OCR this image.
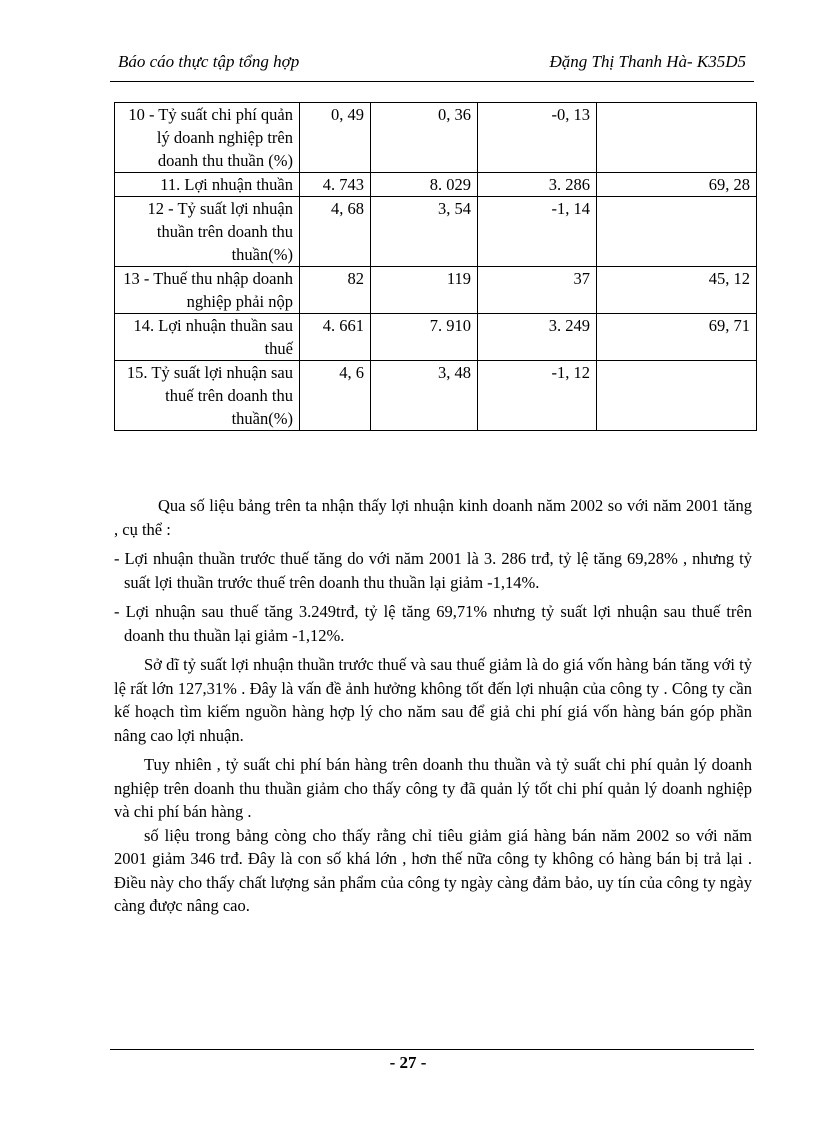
Báo cáo thực tập tổng hợp	Đặng Thị Thanh Hà- K35D5
10 - Tỷ suất chi phí quản lý doanh nghiệp trên doanh thu thuần (%)	0, 49	0, 36	-0, 13	
11. Lợi nhuận thuần	4. 743	8. 029	3. 286	69, 28
12 - Tỷ suất lợi nhuận thuần trên doanh thu thuần(%)	4, 68	3, 54	-1, 14	
13 - Thuế thu nhập doanh nghiệp phải nộp	82	119	37	45, 12
14. Lợi nhuận thuần sau thuế	4. 661	7. 910	3. 249	69, 71
15. Tỷ suất lợi nhuận sau thuế trên doanh thu thuần(%)	4, 6	3, 48	-1, 12	

Qua số liệu bảng trên ta nhận thấy lợi nhuận kinh doanh năm 2002 so với năm 2001 tăng , cụ thể :

- Lợi nhuận thuần trước thuế tăng do với năm 2001 là 3. 286 trđ, tỷ lệ tăng 69,28% , nhưng tỷ suất lợi thuần trước thuế trên doanh thu thuần lại giảm -1,14%.

- Lợi nhuận sau thuế tăng 3.249trđ, tỷ lệ tăng 69,71% nhưng tỷ suất lợi nhuận sau thuế trên doanh thu thuần lại giảm -1,12%.

Sở dĩ tỷ suất lợi nhuận thuần trước thuế và sau thuế giảm là do giá vốn hàng bán tăng với tỷ lệ rất lớn 127,31% . Đây là vấn đề ảnh hưởng không tốt đến lợi nhuận của công ty . Công ty cần kế hoạch tìm kiếm nguồn hàng hợp lý cho năm sau để giả chi phí giá vốn hàng bán góp phần nâng cao lợi nhuận.

Tuy nhiên , tỷ suất chi phí bán hàng trên doanh thu thuần và tỷ suất chi phí quản lý doanh nghiệp trên doanh thu thuần giảm cho thấy công ty đã quản lý tốt chi phí quản lý doanh nghiệp và chi phí bán hàng .

số liệu trong bảng còng cho thấy rằng chỉ tiêu giảm giá hàng bán năm 2002 so với năm 2001 giảm 346 trđ. Đây là con số khá lớn , hơn thế nữa công ty không có hàng bán bị trả lại . Điều này cho thấy chất lượng sản phẩm của công ty ngày càng đảm bảo, uy tín của công ty ngày càng được nâng cao.

- 27 -
